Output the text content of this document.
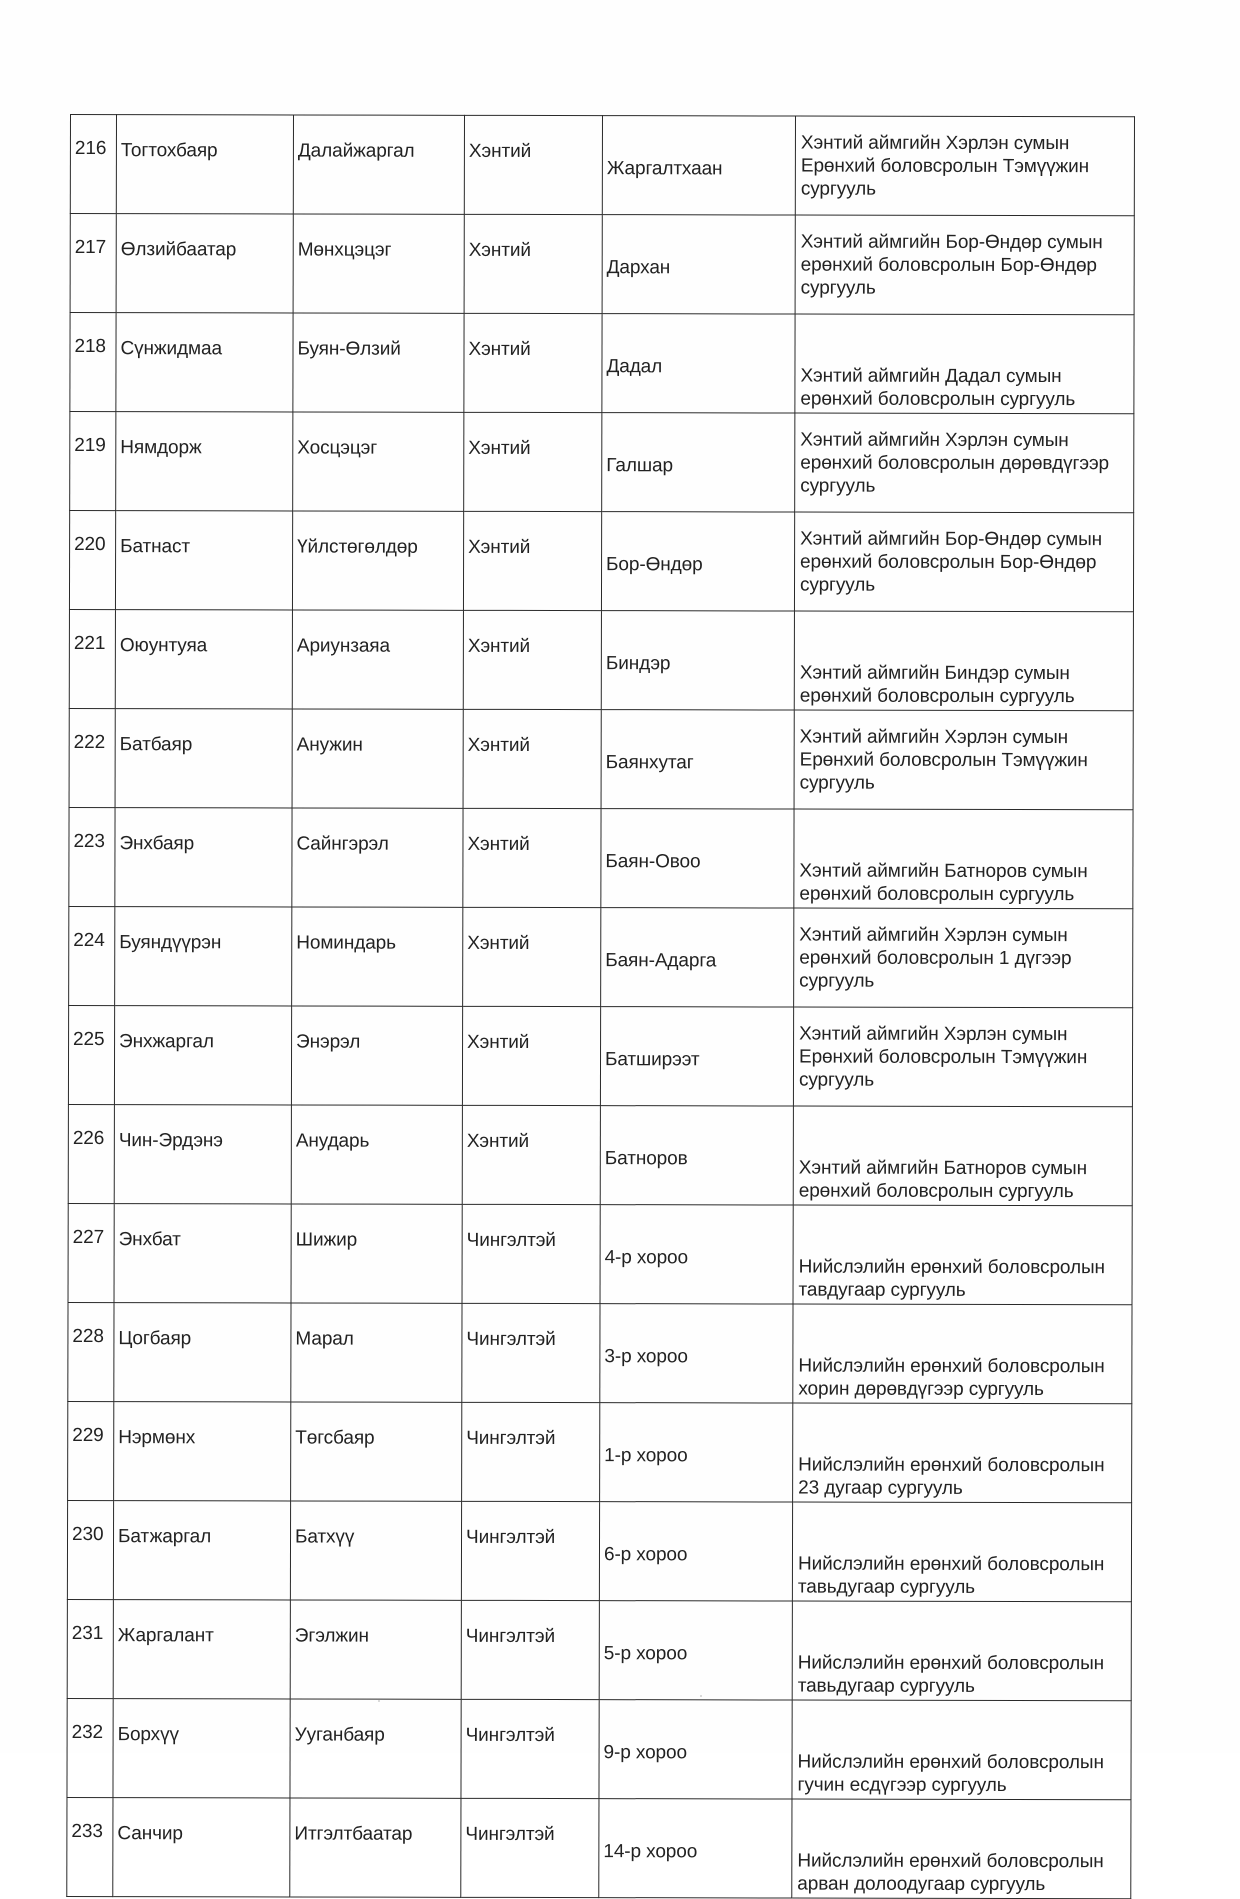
216	Тогтохбаяр	Далайжаргал	Хэнтий	Жаргалтхаан	Хэнтий аймгийн Хэрлэн сумын Ерөнхий боловсролын Тэмүүжин сургууль
217	Өлзийбаатар	Мөнхцэцэг	Хэнтий	Дархан	Хэнтий аймгийн Бор-Өндөр сумын ерөнхий боловсролын Бор-Өндөр сургууль
218	Сүнжидмаа	Буян-Өлзий	Хэнтий	Дадал	Хэнтий аймгийн Дадал сумын ерөнхий боловсролын сургууль
219	Нямдорж	Хосцэцэг	Хэнтий	Галшар	Хэнтий аймгийн Хэрлэн сумын ерөнхий боловсролын дөрөвдүгээр сургууль
220	Батнаст	Үйлстөгөлдөр	Хэнтий	Бор-Өндөр	Хэнтий аймгийн Бор-Өндөр сумын ерөнхий боловсролын Бор-Өндөр сургууль
221	Оюунтуяа	Ариунзаяа	Хэнтий	Биндэр	Хэнтий аймгийн Биндэр сумын ерөнхий боловсролын сургууль
222	Батбаяр	Анужин	Хэнтий	Баянхутаг	Хэнтий аймгийн Хэрлэн сумын Ерөнхий боловсролын Тэмүүжин сургууль
223	Энхбаяр	Сайнгэрэл	Хэнтий	Баян-Овоо	Хэнтий аймгийн Батноров сумын ерөнхий боловсролын сургууль
224	Буяндүүрэн	Номиндарь	Хэнтий	Баян-Адарга	Хэнтий аймгийн Хэрлэн сумын ерөнхий боловсролын 1 дүгээр сургууль
225	Энхжаргал	Энэрэл	Хэнтий	Батширээт	Хэнтий аймгийн Хэрлэн сумын Ерөнхий боловсролын Тэмүүжин сургууль
226	Чин-Эрдэнэ	Анударь	Хэнтий	Батноров	Хэнтий аймгийн Батноров сумын ерөнхий боловсролын сургууль
227	Энхбат	Шижир	Чингэлтэй	4-р хороо	Нийслэлийн ерөнхий боловсролын тавдугаар сургууль
228	Цогбаяр	Марал	Чингэлтэй	3-р хороо	Нийслэлийн ерөнхий боловсролын хорин дөрөвдүгээр сургууль
229	Нэрмөнх	Төгсбаяр	Чингэлтэй	1-р хороо	Нийслэлийн ерөнхий боловсролын 23 дугаар сургууль
230	Батжаргал	Батхүү	Чингэлтэй	6-р хороо	Нийслэлийн ерөнхий боловсролын тавьдугаар сургууль
231	Жаргалант	Эгэлжин	Чингэлтэй	5-р хороо	Нийслэлийн ерөнхий боловсролын тавьдугаар сургууль
232	Борхүү	Ууганбаяр	Чингэлтэй	9-р хороо	Нийслэлийн ерөнхий боловсролын гучин есдүгээр сургууль
233	Санчир	Итгэлтбаатар	Чингэлтэй	14-р хороо	Нийслэлийн ерөнхий боловсролын арван долоодугаар сургууль
